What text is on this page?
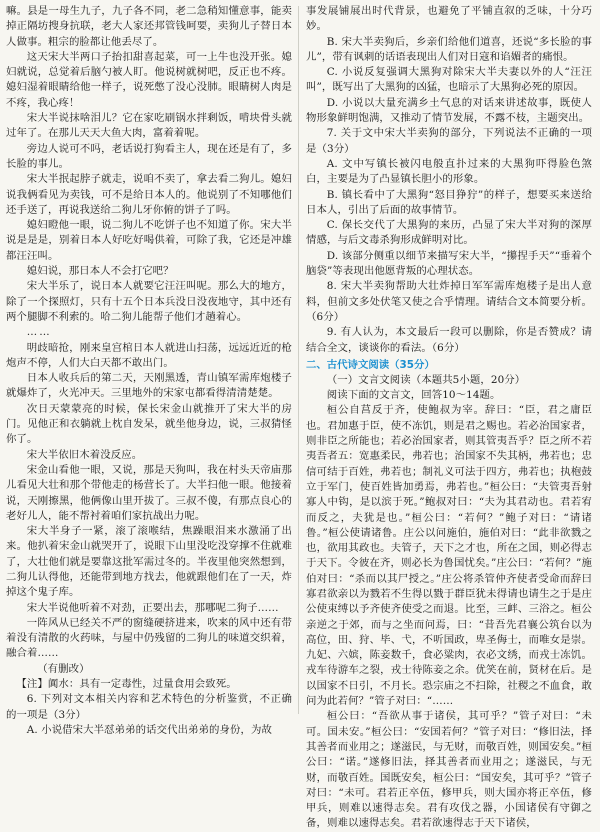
嘛。县是一母生九子，九子各不同，老二急稍知懂意事，能卖掉正隔坊搜身抗联，老大人家还邦管钱呵要，卖狗儿子替日本人做事。粗宗的脸都让他丢尽了。

这天宋大半两口子抬扣甜喜起菜，可一上牛也没开张。媳妇就说，总觉着后脑勺被人盯。他说树就树吧，反正也不疼。媳妇湿着眼睛给他一样子，说死憋了没心没肺。眼睛树人肉是不疼，我心疼！

宋大半说抹啥泪儿？它在家吃刷锅水拌剩饭，啃块骨头就过年了。在那儿天天大鱼大肉，富着着呢。

旁边人说可不吗，老话说打狗看主人，现在还是有了，多长脸的事儿。

宋大半抿起脖子就走，说咱不卖了，拿去看二狗儿。媳妇说我俩看见为卖钱，可不是给日本人的。他说别了不知哪他们还手送了，再说我送给二狗儿牙你俯的饼子了吗。

媳妇瞪他一眼，说二狗儿不吃饼子也不知道了你。宋大半说是是是，别着日本人好吃好喝供着，可除了我，它还是冲雄都汪汪叫。

媳妇说，那日本人不会打它吧？

宋大半乐了，说日本人就要它汪汪叫呢。那么大的地方，除了一个探照灯，只有十五个日本兵没日没夜地守，其中还有两个腿脚不利索的。哈二狗儿能帮子他们才趟着心。

……

明歧暗抢，刚来皇宫棺日本人就进山扫荡，远远近近的枪炮声不停，人们大白天都不敢出门。

日本人收兵后的第二天，天刚黑透，青山镇军需库炮楼子就爆炸了，火光冲天。三里地外的宋家屯都看得清清楚楚。

次日天蒙蒙亮的时候，保长宋金山就推开了宋大半的房门。见他正和衣躺就上枕自发呆，就坐他身边，说，三叔猜怪你了。

宋大半依旧木着没反应。

宋金山看他一眼，又说，那是天狗叫，我在村头天帝庙那儿看见大壮和那个带他走的杨营长了。大半扫他一眼。他接着说，天刚擦黑，他俩像山里开拔了。三叔不傻，有那点良心的老好儿人，能不帮衬着咱们家抗战出力呢。

宋大半身子一紧，滚了滚喉结，焦躁眼泪来水激涌了出来。他扒着宋金山就哭开了，说眼下山里没吃没穿撑不住就难了，大壮他们就是要靠这批军需过冬的。半夜里他突然想到，二狗儿认得他，还能带到地方找去，他就跟他们在了一天，炸掉这个鬼子库。

宋大半说他听着不对劲，正要出去，那哪呢二狗子……

一阵风从已经关不严的窗缝硬挤进来，吹来的风中还有带着没有清散的火药味，与屋中仍残留的二狗儿的味道交织着，融合着……

（有删改）

【注】阗水：具有一定毒性，过量食用会致死。

6. 下列对文本相关内容和艺术特色的分析鉴赏，不正确的一项是（3分）

A. 小说借宋大半怼弟弟的话交代出弟弟的身份，为故

事发展铺展出时代背景，也避免了平铺直叙的乏味，十分巧妙。

B. 宋大半卖狗后，乡亲们给他们道喜，还说“多长脸的事儿”，带有讽刺的话语表现出人们对日寇和谄媚者的痛恨。

C. 小说反复强调大黑狗对除宋大半夫妻以外的人“汪汪叫”，既写出了大黑狗的凶猛，也暗示了大黑狗必死的原因。

D. 小说以大量充满乡土气息的对话来讲述故事，既使人物形象鲜明饱满，又推动了情节发展，不露不枝，主题突出。

7. 关于文中宋大半卖狗的部分，下列说法不正确的一项是（3分）

A. 文中写镇长被闪电般直扑过来的大黑狗吓得脸色煞白，主要是为了凸显镇长胆小的形象。

B. 镇长看中了大黑狗“怒目狰狞”的样子，想要买来送给日本人，引出了后面的故事情节。

C. 保长交代了大黑狗的来历，凸显了宋大半对狗的深厚情感，与后文毒杀狗形成鲜明对比。

D. 该部分侧重以细节来描写宋大半，“攥捏手天”“垂着个脑袋”等表现出他愿背叛的心理状态。

8. 宋大半卖狗帮助大壮炸掉日军军需库炮楼子是出人意料，但前文多处伏笔又使之合乎情理。请结合文本简要分析。（6分）

9. 有人认为，本文最后一段可以删除，你是否赞成？请结合全文，谈谈你的看法。（6分）

二、古代诗文阅读（35分）

（一）文言文阅读（本题共5小题，20分）

阅读下面的文言文，回答10～14题。

桓公自莒反于齐，使鲍叔为宰。辞曰：“臣，君之庸臣也。君加惠于臣，使不冻饥，则是君之赐也。若必治国家者，则非臣之所能也；若必治国家者，则其管夷吾乎？臣之所不若夷吾者五：宽惠柔民，弗若也；治国家不失其柄，弗若也；忠信可结于百姓，弗若也；制礼义可法于四方，弗若也；执枹鼓立于军门，使百姓皆加勇焉，弗若也。”桓公曰：“夫管夷吾射寡人中钩，是以滨于死。”鲍叔对曰：“夫为其君动也。君若宥而反之，夫犹是也。”桓公曰：“若何？”鲍子对曰：“请诸鲁。”桓公使请诸鲁。庄公以问施伯，施伯对曰：“此非欲戮之也，欲用其政也。夫管子，天下之才也，所在之国，则必得志于天下。令彼在齐，则必长为鲁国忧矣。”庄公曰：“若何？”施伯对曰：“杀而以其尸授之。”庄公将杀管仲齐使者受命而辞曰寡君欲亲以为戮若不生得以戮于群臣犹未得请也请生之于是庄公使束缚以予齐使齐使受之而退。比至，三衅、三浴之。桓公亲逆之于郊，而与之坐而问焉，曰：“昔吾先君襄公筑台以为高位，田、狩、毕、弋，不听国政，卑圣侮士，而唯女是崇。九妃、六嫔，陈妾数千，食必粱肉，衣必文绣，而戎士冻饥。戎车待游车之裂，戎士待陈妾之余。优笑在前，贤材在后。是以国家不日引，不月长。恐宗庙之不扫除，社稷之不血食，敢问为此若何？”管子对曰：“……

桓公曰：“吾欲从事于诸侯，其可乎？”管子对曰：“未可。国未安。”桓公曰：“安国若何？”管子对曰：“修旧法，择其善者而业用之；遂滋民，与无财，而敬百姓，则国安矣。”桓公曰：“诺。”遂修旧法，择其善者而业用之；遂滋民，与无财，而敬百姓。国既安矣，桓公曰：“国安矣，其可乎？”管子对曰：“未可。君若正卒伍，修甲兵，则大国亦将正卒伍，修甲兵，则难以速得志矣。君有攻伐之器，小国诸侯有守御之备，则难以速得志矣。君若欲速得志于天下诸侯，
